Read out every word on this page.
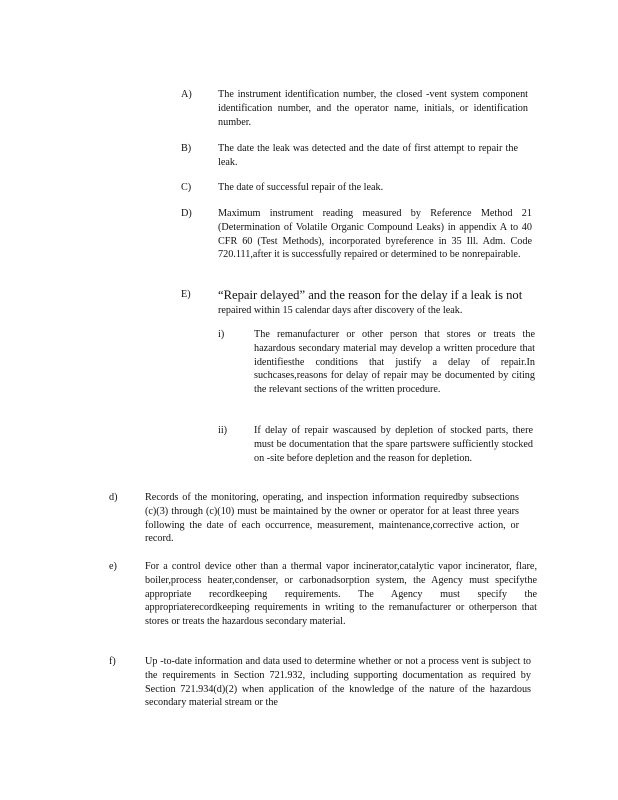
A)	The instrument identification number, the closed -vent system component identification number, and the operator name, initials, or identification number.
B)	The date the leak was detected and the date of first attempt to repair the leak.
C)	The date of successful repair of the leak.
D)	Maximum instrument reading measured by Reference Method 21 (Determination of Volatile Organic Compound Leaks) in appendix A to 40 CFR 60 (Test Methods), incorporated byreference in 35 Ill. Adm. Code 720.111,after it is successfully repaired or determined to be nonrepairable.
E) “Repair delayed” and the reason for the delay if a leak is not
repaired within 15 calendar days after discovery of the leak.
i)	The remanufacturer or other person that stores or treats the hazardous secondary material may develop a written procedure that identifiesthe conditions that justify a delay of repair.In suchcases,reasons for delay of repair may be documented by citing the relevant sections of the written procedure.
ii)	If delay of repair wascaused by depletion of stocked parts, there must be documentation that the spare partswere sufficiently stocked on -site before depletion and the reason for depletion.
d)	Records of the monitoring, operating, and inspection information requiredby subsections (c)(3) through (c)(10) must be maintained by the owner or operator for at least three years following the date of each occurrence, measurement, maintenance,corrective action, or record.
e)	For a control device other than a thermal vapor incinerator,catalytic vapor incinerator, flare, boiler,process heater,condenser, or carbonadsorption system, the Agency must specifythe appropriate recordkeeping requirements. The Agency must specify the appropriaterecordkeeping requirements in writing to the remanufacturer or otherperson that stores or treats the hazardous secondary material.
f)	Up -to-date information and data used to determine whether or not a process vent is subject to the requirements in Section 721.932, including supporting documentation as required by Section 721.934(d)(2) when application of the knowledge of the nature of the hazardous secondary material stream or the
